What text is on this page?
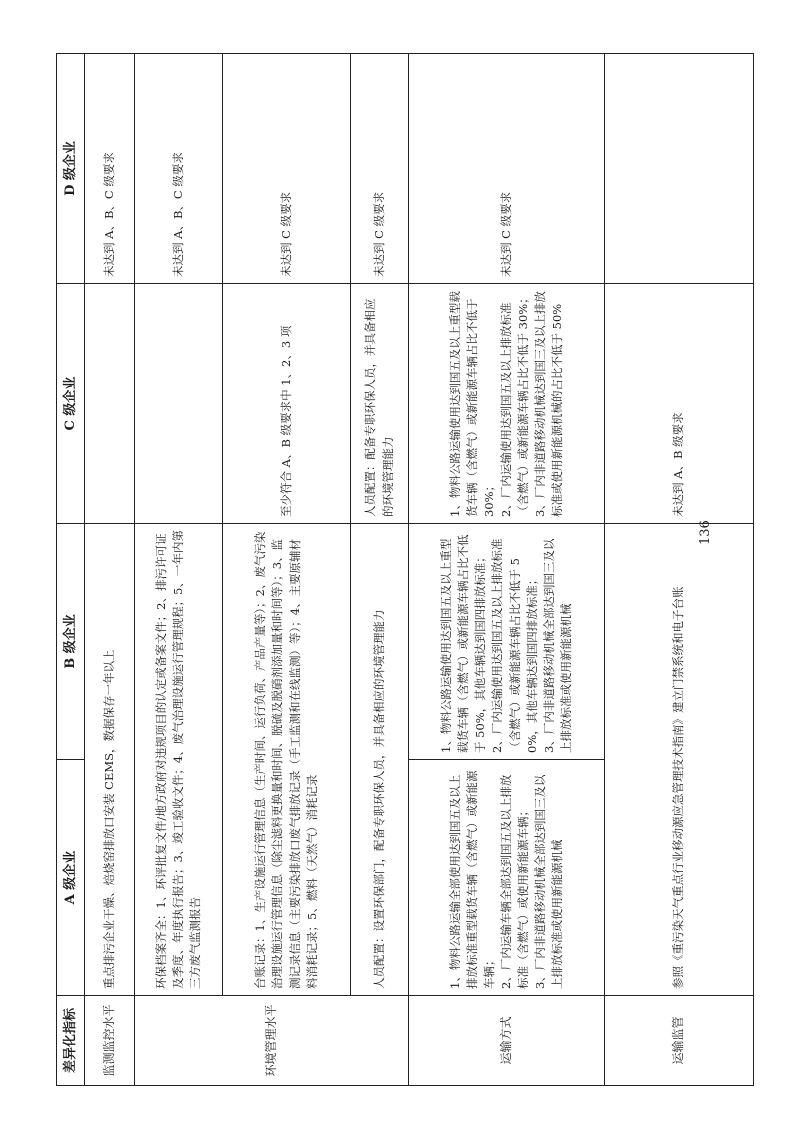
差异化指标	A 级企业	B 级企业	C 级企业	D 级企业
监测监控水平	重点排污企业干燥、焙烧窑排放口安装 CEMS，数据保存一年以上			未达到 A、B、C 级要求
环境管理水平	环保档案齐全：1、环评批复文件/地方政府对违规项目的认定或备案文件；2、排污许可证及季度、年度执行报告；3、竣工验收文件；4、废气治理设施运行管理规程；5、一年内第三方废气监测报告			未达到 A、B、C 级要求
	台账记录：1、生产设施运行管理信息（生产时间、运行负荷、产品产量等）；2、废气污染治理设施运行管理信息（除尘滤料更换量和时间、脱硫及脱硝剂添加量和时间等）；3、监测记录信息（主要污染排放口废气排放记录（手工监测和在线监测）等）；4、主要原辅材料消耗记录；5、燃料（天然气）消耗记录		至少符合 A、B 级要求中 1、2、3 项	未达到 C 级要求
	人员配置：设置环保部门，配备专职环保人员，并具备相应的环境管理能力		人员配置：配备专职环保人员，并具备相应的环境管理能力	未达到 C 级要求
运输方式	1、物料公路运输全部使用达到国五及以上排放标准重型载货车辆（含燃气）或新能源车辆； 2、厂内运输车辆全部达到国五及以上排放标准（含燃气）或使用新能源车辆； 3、厂内非道路移动机械全部达到国三及以上排放标准或使用新能源机械	1、物料公路运输使用达到国五及以上重型载货车辆（含燃气）或新能源车辆占比不低于 50%，其他车辆达到国四排放标准； 2、厂内运输使用达到国五及以上排放标准（含燃气）或新能源车辆占比不低于 50%，其他车辆达到国四排放标准； 3、厂内非道路移动机械全部达到国三及以上排放标准或使用新能源机械	1、物料公路运输使用达到国五及以上重型载货车辆（含燃气）或新能源车辆占比不低于 30%； 2、厂内运输使用达到国五及以上排放标准（含燃气）或新能源车辆占比不低于 30%； 3、厂内非道路移动机械达到国三及以上排放标准或使用新能源机械的占比不低于 50%	未达到 C 级要求
运输监管	参照《重污染天气重点行业移动源应急管理技术指南》建立门禁系统和电子台账		未达到 A、B 级要求	
136
